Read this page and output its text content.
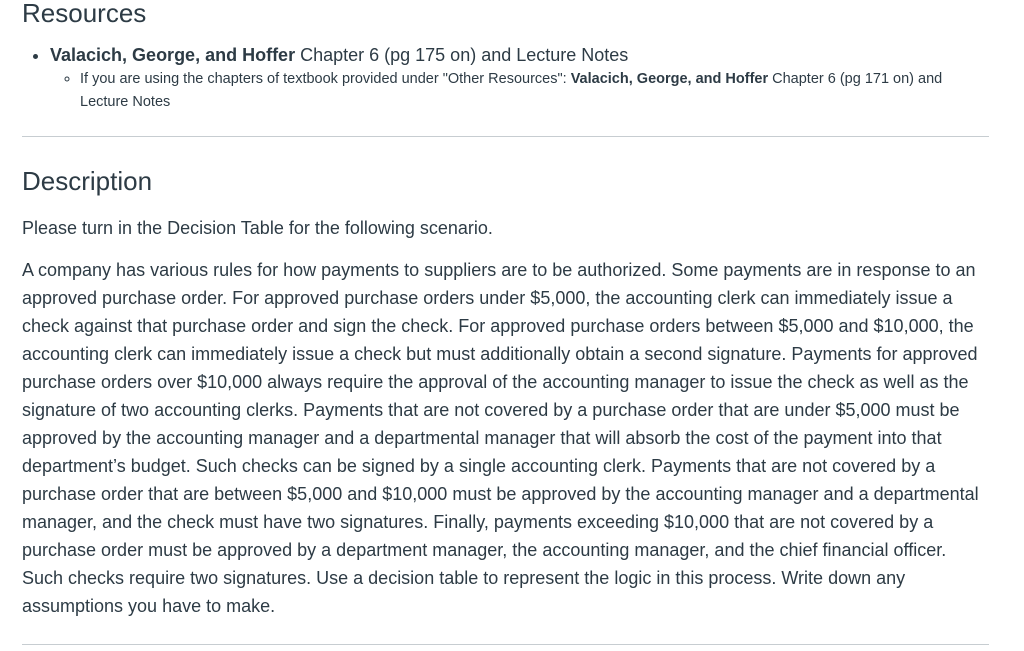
Resources
• Valacich, George, and Hoffer Chapter 6 (pg 175 on) and Lecture Notes
◦ If you are using the chapters of textbook provided under "Other Resources": Valacich, George, and Hoffer Chapter 6 (pg 171 on) and Lecture Notes
Description

Please turn in the Decision Table for the following scenario.

A company has various rules for how payments to suppliers are to be authorized. Some payments are in response to an approved purchase order. For approved purchase orders under $5,000, the accounting clerk can immediately issue a check against that purchase order and sign the check. For approved purchase orders between $5,000 and $10,000, the accounting clerk can immediately issue a check but must additionally obtain a second signature. Payments for approved purchase orders over $10,000 always require the approval of the accounting manager to issue the check as well as the signature of two accounting clerks. Payments that are not covered by a purchase order that are under $5,000 must be approved by the accounting manager and a departmental manager that will absorb the cost of the payment into that department’s budget. Such checks can be signed by a single accounting clerk. Payments that are not covered by a purchase order that are between $5,000 and $10,000 must be approved by the accounting manager and a departmental manager, and the check must have two signatures. Finally, payments exceeding $10,000 that are not covered by a purchase order must be approved by a department manager, the accounting manager, and the chief financial officer. Such checks require two signatures. Use a decision table to represent the logic in this process. Write down any assumptions you have to make.
